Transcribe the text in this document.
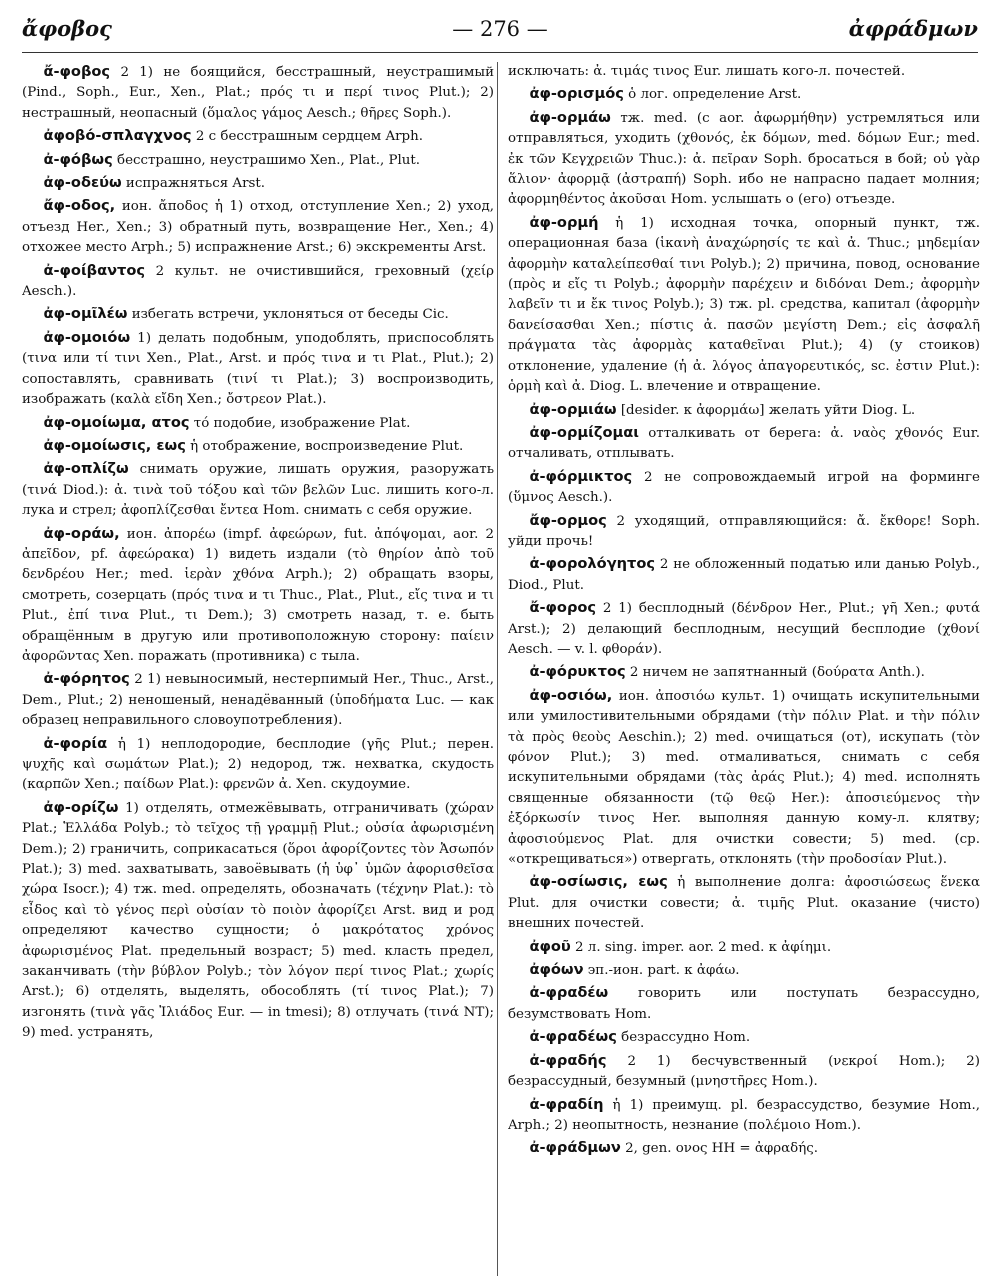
ἄφοβος	— 276 —	ἀφράδμων

ἄ-φοβος 2 1) не боящийся, бесстрашный, неустрашимый (Pind., Soph., Eur., Xen., Plat.; πρός τι и περί τινος Plut.); 2) нестрашный, неопасный (ὅμαλος γάμος Aesch.; θῆρες Soph.).

ἀφοβό-σπλαγχνος 2 с бесстрашным сердцем Arph.

ἀ-φόβως бесстрашно, неустрашимо Xen., Plat., Plut.

ἀφ-οδεύω испражняться Arst.

ἄφ-οδος, ион. ἄποδος ἡ 1) отход, отступление Xen.; 2) уход, отъезд Her., Xen.; 3) обратный путь, возвращение Her., Xen.; 4) отхожее место Arph.; 5) испражнение Arst.; 6) экскременты Arst.

ἀ-φοίβαντος 2 культ. не очистившийся, греховный (χείρ Aesch.).

ἀφ-ομῖλέω избегать встречи, уклоняться от беседы Cic.

ἀφ-ομοιόω 1) делать подобным, уподоблять, приспособлять (τινα или τί τινι Xen., Plat., Arst. и πρός τινα и τι Plat., Plut.); 2) сопоставлять, сравнивать (τινί τι Plat.); 3) воспроизводить, изображать (καλὰ εἴδη Xen.; ὄστρεον Plat.).

ἀφ-ομοίωμα, ατος τό подобие, изображение Plat.

ἀφ-ομοίωσις, εως ἡ отображение, воспроизведение Plut.

ἀφ-οπλίζω снимать оружие, лишать оружия, разоружать (τινά Diod.): ἀ. τινὰ τοῦ τόξου καὶ τῶν βελῶν Luc. лишить кого-л. лука и стрел; ἀφοπλίζεσθαι ἔντεα Hom. снимать с себя оружие.

ἀφ-οράω, ион. ἀπορέω (impf. ἀφεώρων, fut. ἀπόψομαι, aor. 2 ἀπεῖδον, pf. ἀφεώρακα) 1) видеть издали (τὸ θηρίον ἀπὸ τοῦ δενδρέου Her.; med. ἱερὰν χθόνα Arph.); 2) обращать взоры, смотреть, созерцать (πρός τινα и τι Thuc., Plat., Plut., εἴς τινα и τι Plut., ἐπί τινα Plut., τι Dem.); 3) смотреть назад, т. е. быть обращённым в другую или противоположную сторону: παίειν ἀφορῶντας Xen. поражать (противника) с тыла.

ἀ-φόρητος 2 1) невыносимый, нестерпимый Her., Thuc., Arst., Dem., Plut.; 2) неношеный, ненадёванный (ὑποδήματα Luc. — как образец неправильного словоупотребления).

ἀ-φορία ἡ 1) неплодородие, бесплодие (γῆς Plut.; перен. ψυχῆς καὶ σωμάτων Plat.); 2) недород, тж. нехватка, скудость (καρπῶν Xen.; παίδων Plat.): φρενῶν ἀ. Xen. скудоумие.

ἀφ-ορίζω 1) отделять, отмежёвывать, отграничивать (χώραν Plat.; Ἑλλάδα Polyb.; τὸ τεῖχος τῇ γραμμῇ Plut.; οὐσία ἀφωρισμένη Dem.); 2) граничить, соприкасаться (ὅροι ἀφορίζοντες τὸν Ἀσωπόν Plat.); 3) med. захватывать, завоёвывать (ἡ ὑφ᾽ ὑμῶν ἀφορισθεῖσα χώρα Isocr.); 4) тж. med. определять, обозначать (τέχνην Plat.): τὸ εἶδος καὶ τὸ γένος περὶ οὐσίαν τὸ ποιὸν ἀφορίζει Arst. вид и род определяют качество сущности; ὁ μακρότατος χρόνος ἀφωρισμένος Plat. предельный возраст; 5) med. класть предел, заканчивать (τὴν βύβλον Polyb.; τὸν λόγον περί τινος Plat.; χωρίς Arst.); 6) отделять, выделять, обособлять (τί τινος Plat.); 7) изгонять (τινὰ γᾶς Ἰλιάδος Eur. — in tmesi); 8) отлучать (τινά NT); 9) med. устранять,

исключать: ἀ. τιμάς τινος Eur. лишать кого-л. почестей.

ἀφ-ορισμός ὁ лог. определение Arst.

ἀφ-ορμάω тж. med. (с aor. ἀφωρμήθην) устремляться или отправляться, уходить (χθονός, ἐκ δόμων, med. δόμων Eur.; med. ἐκ τῶν Κεγχρειῶν Thuc.): ἀ. πεῖραν Soph. бросаться в бой; οὐ γὰρ ἅλιον· ἀφορμᾷ (ἀστραπή) Soph. ибо не напрасно падает молния; ἀφορμηθέντος ἀκοῦσαι Hom. услышать о (его) отъезде.

ἀφ-ορμή ἡ 1) исходная точка, опорный пункт, тж. операционная база (ἱκανὴ ἀναχώρησίς τε καὶ ἀ. Thuc.; μηδεμίαν ἀφορμὴν καταλείπεσθαί τινι Polyb.); 2) причина, повод, основание (πρὸς и εἴς τι Polyb.; ἀφορμὴν παρέχειν и διδόναι Dem.; ἀφορμὴν λαβεῖν τι и ἔκ τινος Polyb.); 3) тж. pl. средства, капитал (ἀφορμὴν δανείσασθαι Xen.; πίστις ἀ. πασῶν μεγίστη Dem.; εἰς ἀσφαλῆ πράγματα τὰς ἀφορμὰς καταθεῖναι Plut.); 4) (у стоиков) отклонение, удаление (ἡ ἀ. λόγος ἀπαγορευτικός, sc. ἐστιν Plut.): ὁρμὴ καὶ ἀ. Diog. L. влечение и отвращение.

ἀφ-ορμιάω [desider. к ἀφορμάω] желать уйти Diog. L.

ἀφ-ορμίζομαι отталкивать от берега: ἀ. ναὸς χθονός Eur. отчаливать, отплывать.

ἀ-φόρμικτος 2 не сопровождаемый игрой на форминге (ὕμνος Aesch.).

ἄφ-ορμος 2 уходящий, отправляющийся: ἄ. ἔκθορε! Soph. уйди прочь!

ἀ-φορολόγητος 2 не обложенный податью или данью Polyb., Diod., Plut.

ἄ-φορος 2 1) бесплодный (δένδρον Her., Plut.; γῆ Xen.; φυτά Arst.); 2) делающий бесплодным, несущий бесплодие (χθονί Aesch. — v. l. φθοράν).

ἀ-φόρυκτος 2 ничем не запятнанный (δούρατα Anth.).

ἀφ-οσιόω, ион. ἀποσιόω культ. 1) очищать искупительными или умилостивительными обрядами (τὴν πόλιν Plat. и τὴν πόλιν τὰ πρὸς θεοὺς Aeschin.); 2) med. очищаться (от), искупать (τὸν φόνον Plut.); 3) med. отмаливаться, снимать с себя искупительными обрядами (τὰς ἀράς Plut.); 4) med. исполнять священные обязанности (τῷ θεῷ Her.): ἀποσιεύμενος τὴν ἐξόρκωσίν τινος Her. выполняя данную кому-л. клятву; ἀφοσιούμενος Plat. для очистки совести; 5) med. (ср. «открещиваться») отвергать, отклонять (τὴν προδοσίαν Plut.).

ἀφ-οσίωσις, εως ἡ выполнение долга: ἀφοσιώσεως ἕνεκα Plut. для очистки совести; ἀ. τιμῆς Plut. оказание (чисто) внешних почестей.

ἀφοῦ 2 л. sing. imper. aor. 2 med. к ἀφίημι.

ἀφόων эп.-ион. part. к ἀφάω.

ἀ-φραδέω говорить или поступать безрассудно, безумствовать Hom.

ἀ-φραδέως безрассудно Hom.

ἀ-φραδής 2 1) бесчувственный (νεκροί Hom.); 2) безрассудный, безумный (μνηστῆρες Hom.).

ἀ-φραδίη ἡ 1) преимущ. pl. безрассудство, безумие Hom., Arph.; 2) неопытность, незнание (πολέμοιο Hom.).

ἀ-φράδμων 2, gen. ονος HH = ἀφραδής.
